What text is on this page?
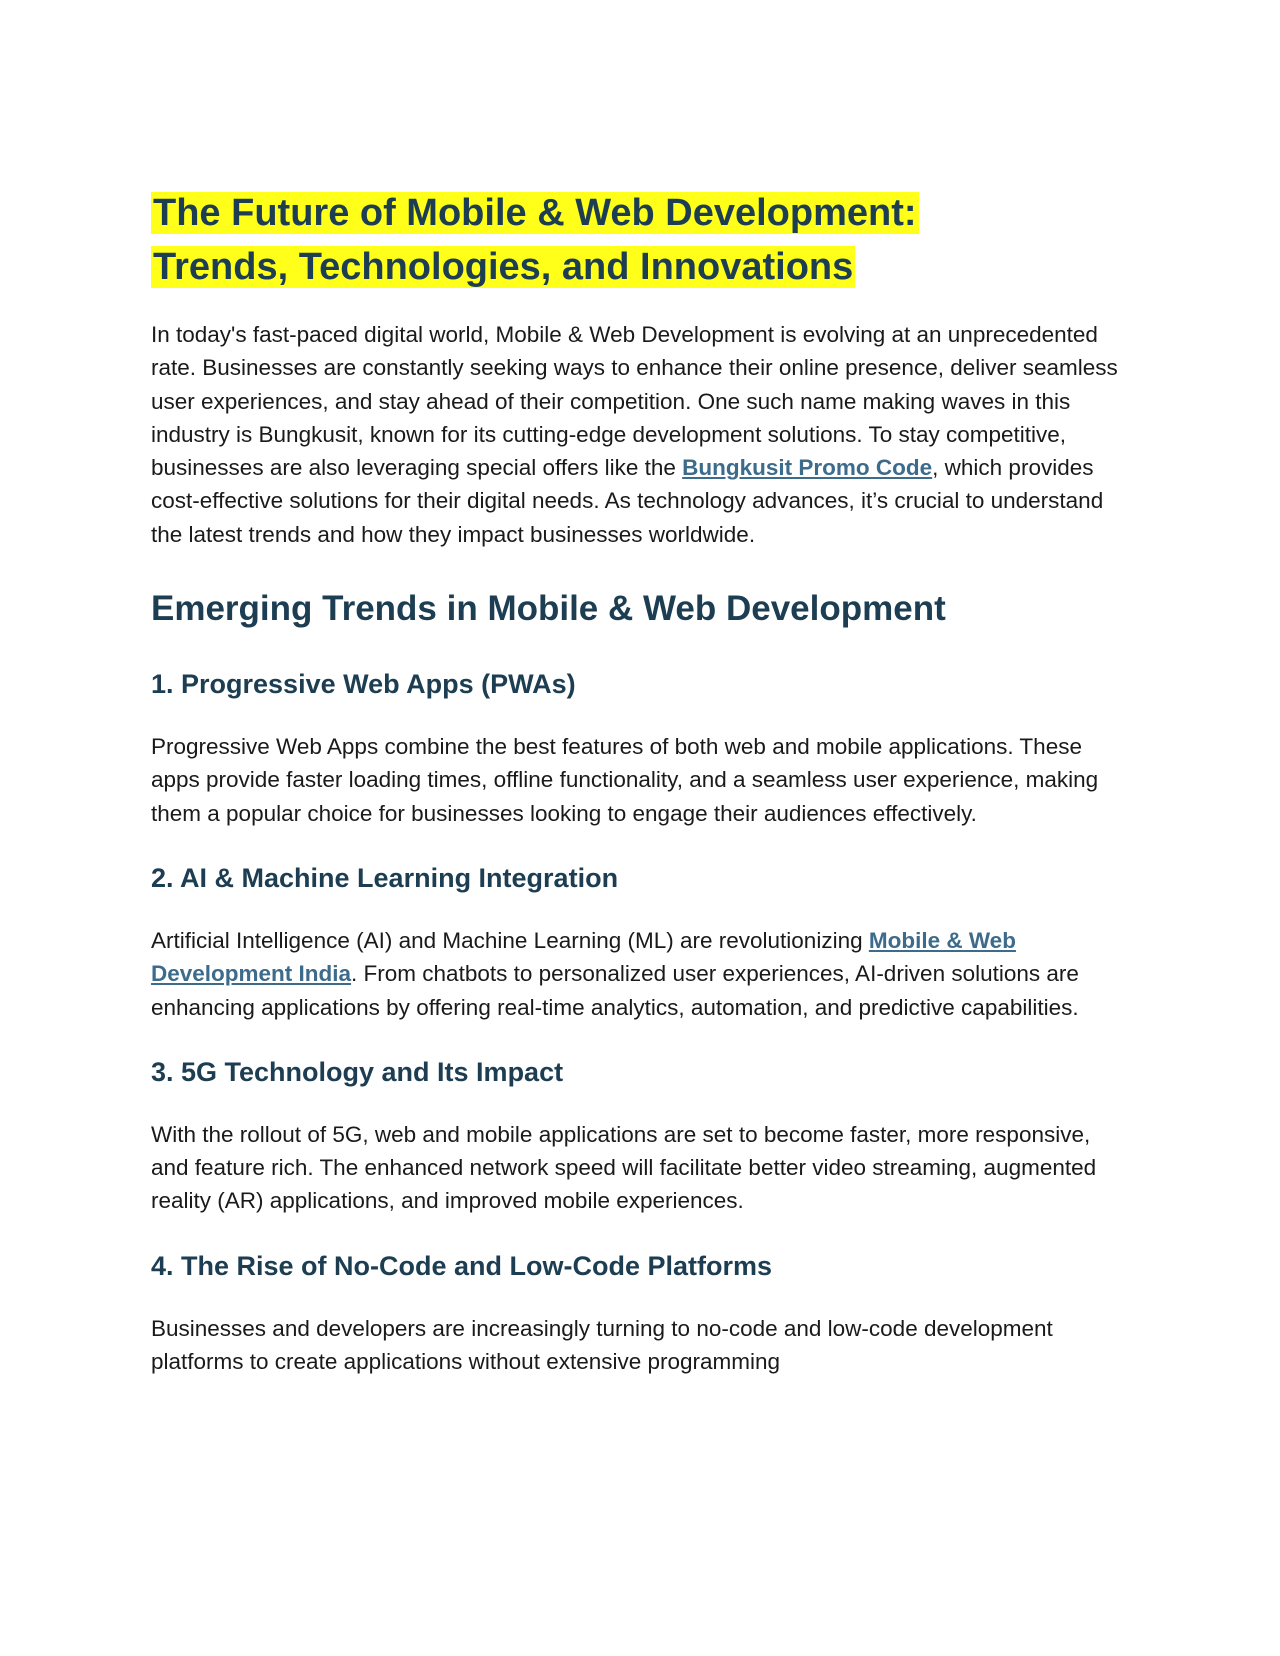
The Future of Mobile & Web Development:
Trends, Technologies, and Innovations

In today's fast-paced digital world, Mobile & Web Development is evolving at an unprecedented rate. Businesses are constantly seeking ways to enhance their online presence, deliver seamless user experiences, and stay ahead of their competition. One such name making waves in this industry is Bungkusit, known for its cutting-edge development solutions. To stay competitive, businesses are also leveraging special offers like the Bungkusit Promo Code, which provides cost-effective solutions for their digital needs. As technology advances, it’s crucial to understand the latest trends and how they impact businesses worldwide.

Emerging Trends in Mobile & Web Development
1. Progressive Web Apps (PWAs)

Progressive Web Apps combine the best features of both web and mobile applications. These apps provide faster loading times, offline functionality, and a seamless user experience, making them a popular choice for businesses looking to engage their audiences effectively.

2. AI & Machine Learning Integration

Artificial Intelligence (AI) and Machine Learning (ML) are revolutionizing Mobile & Web Development India. From chatbots to personalized user experiences, AI-driven solutions are enhancing applications by offering real-time analytics, automation, and predictive capabilities.

3. 5G Technology and Its Impact

With the rollout of 5G, web and mobile applications are set to become faster, more responsive, and feature rich. The enhanced network speed will facilitate better video streaming, augmented reality (AR) applications, and improved mobile experiences.

4. The Rise of No-Code and Low-Code Platforms

Businesses and developers are increasingly turning to no-code and low-code development platforms to create applications without extensive programming
